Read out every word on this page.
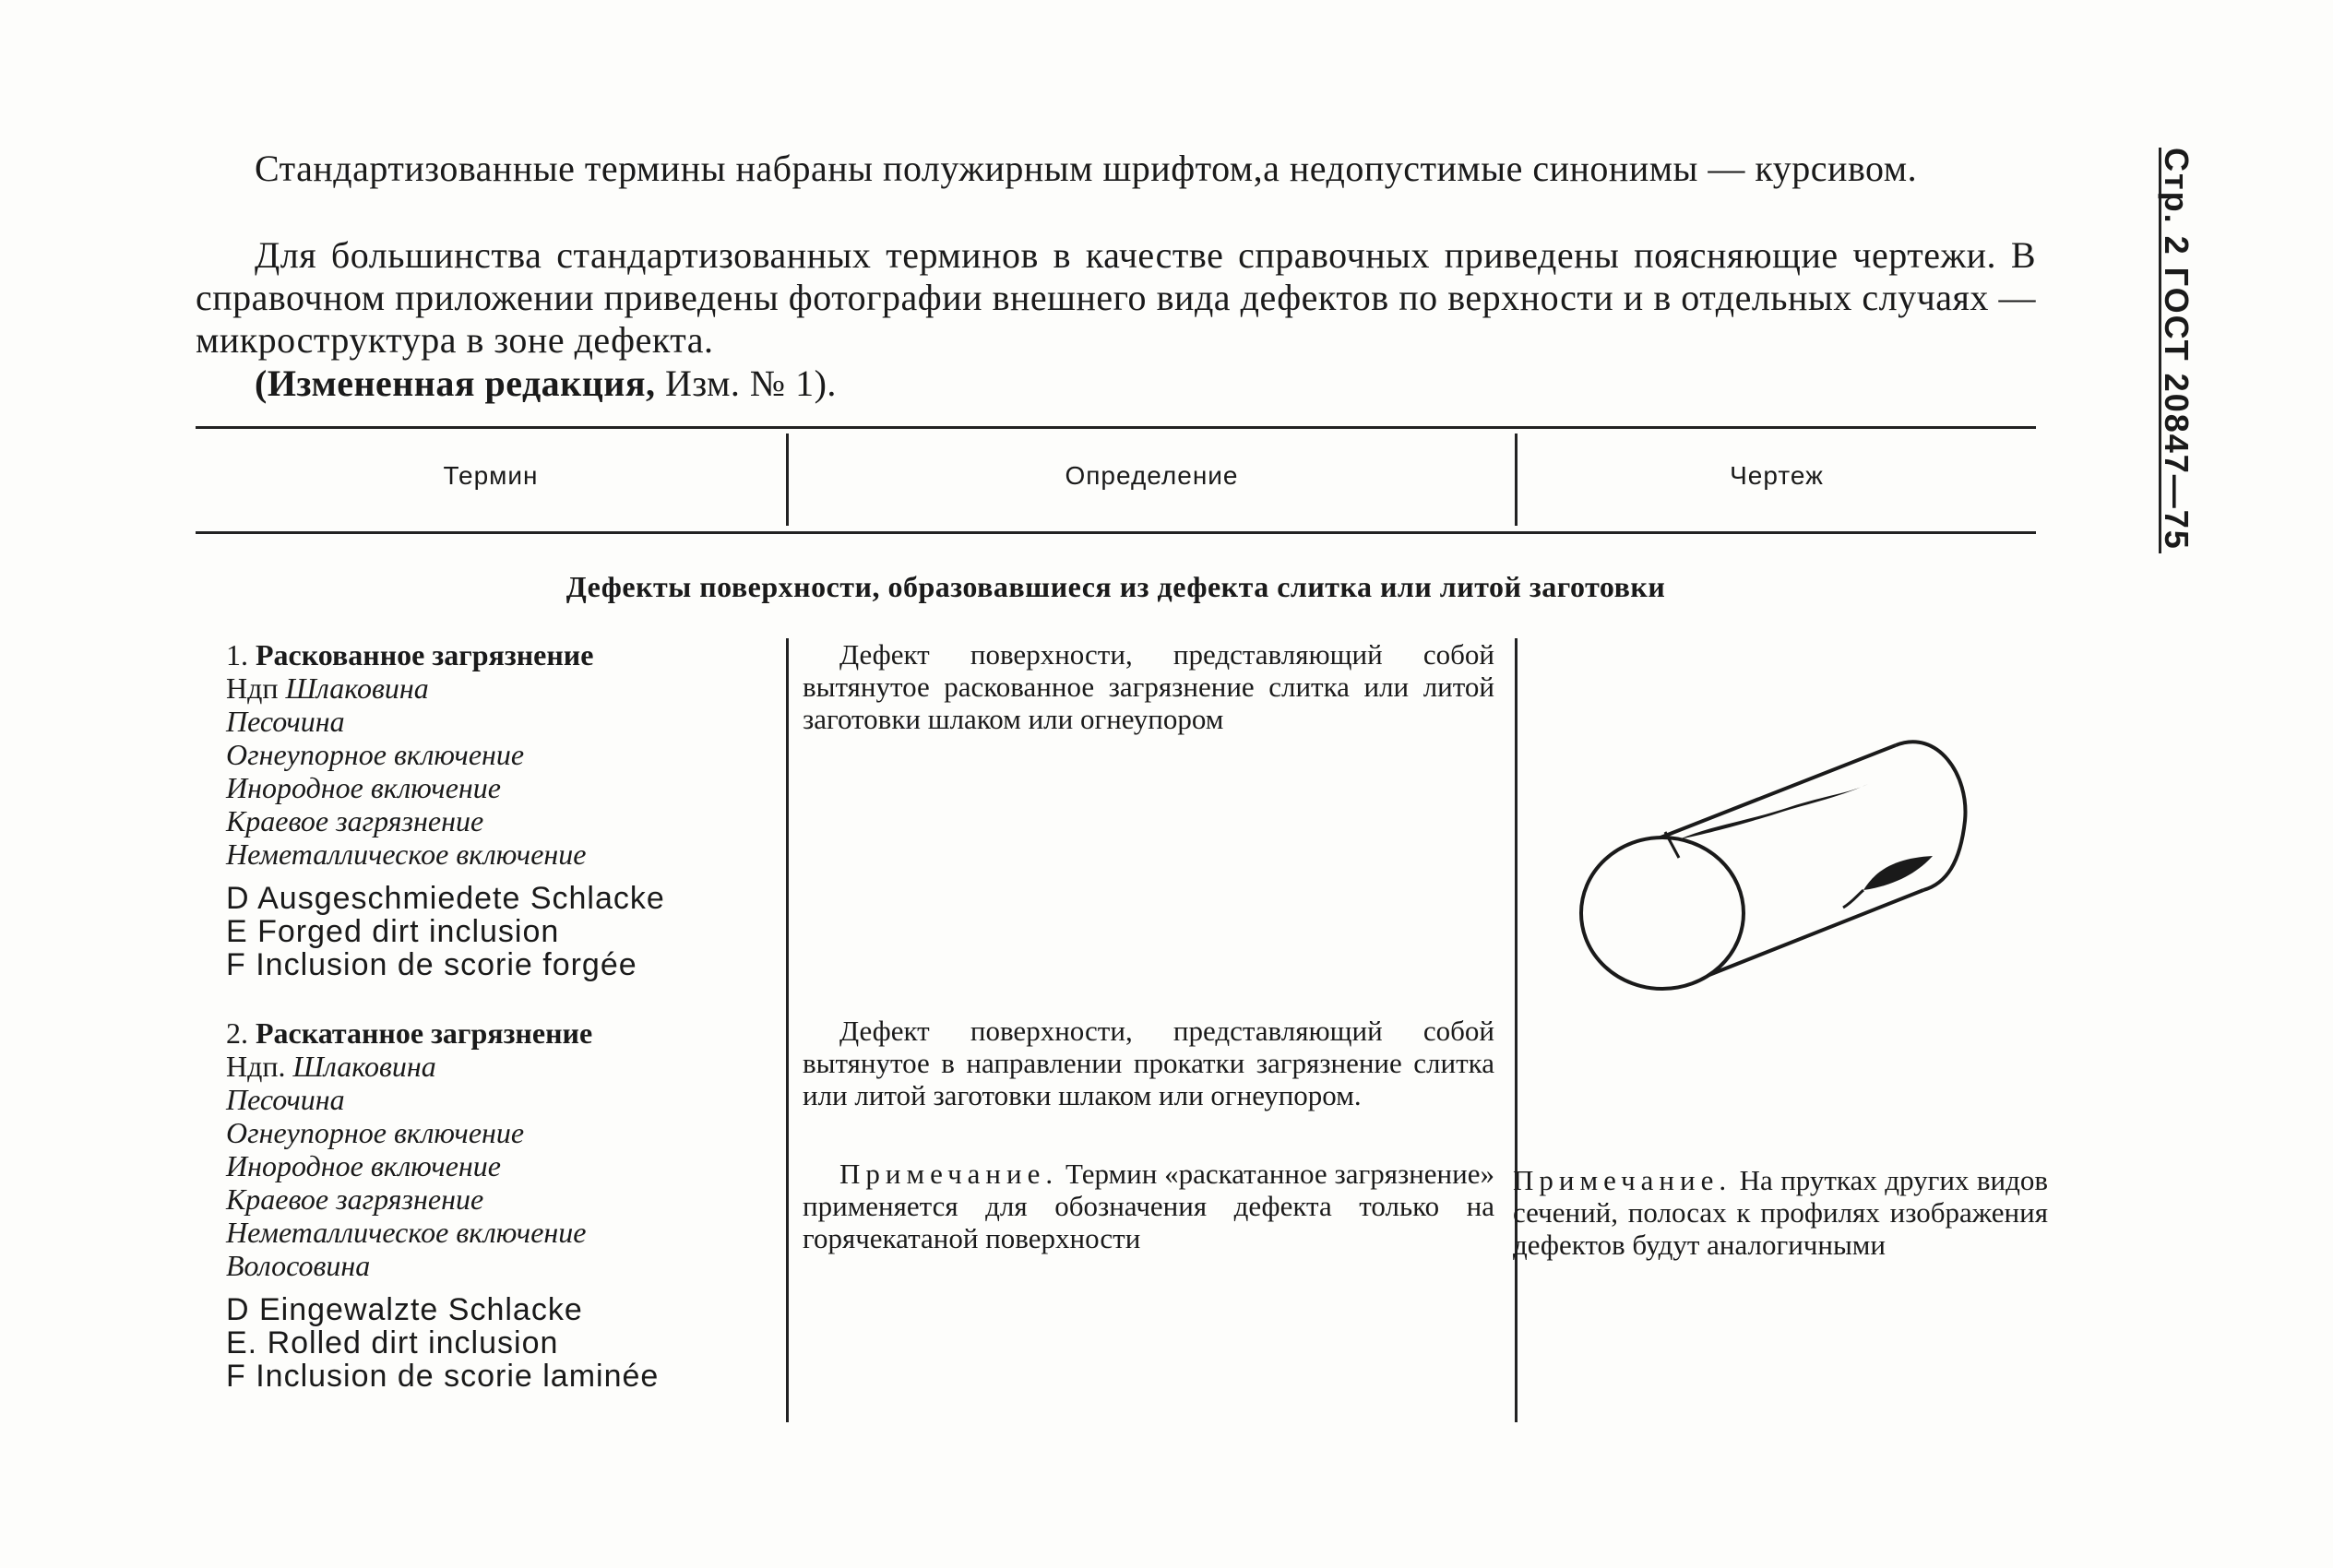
Стр. 2 ГОСТ 20847—75
Стандартизованные термины набраны полужирным шрифтом,а недопустимые синонимы — курсивом.
Для большинства стандартизованных терминов в качестве справочных приведены поясняющие чертежи. В справочном приложении приведены фотографии внешнего вида дефектов по верхности и в отдельных случаях — микроструктура в зоне дефекта.
(Измененная редакция, Изм. № 1).
Термин	Определение	Чертеж
Дефекты поверхности, образовавшиеся из дефекта слитка или литой заготовки
1. Раскованное загрязнение
Ндп Шлаковина
Песочина
Огнеупорное включение
Инородное включение
Краевое загрязнение
Неметаллическое включение
D Ausgeschmiedete Schlacke
E Forged dirt inclusion
F Inclusion de scorie forgée
Дефект поверхности, представляющий собой вытянутое раскованное загрязнение слитка или литой заготовки шлаком или огнеупором
2. Раскатанное загрязнение
Ндп. Шлаковина
Песочина
Огнеупорное включение
Инородное включение
Краевое загрязнение
Неметаллическое включение
Волосовина
D Eingewalzte Schlacke
E. Rolled dirt inclusion
F Inclusion de scorie laminée
Дефект поверхности, представляющий собой вытянутое в направлении прокатки загрязнение слитка или литой заготовки шлаком или огнеупором.
Примечание. Термин «раскатанное загрязнение» применяется для обозначения дефекта только на горячекатаной поверхности
Примечание. На прутках других видов сечений, полосах к профилях изображения дефектов будут аналогичными
